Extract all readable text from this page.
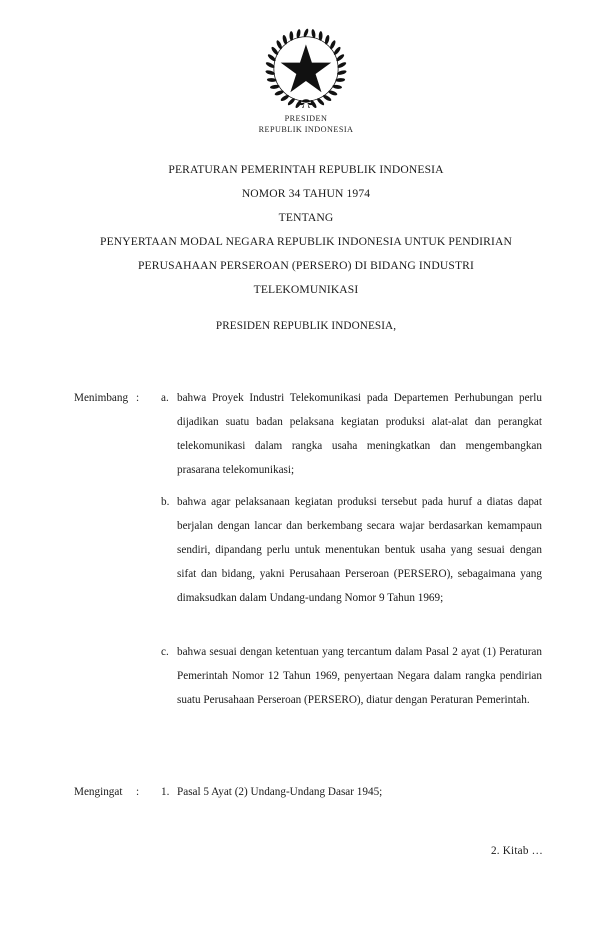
PRESIDEN
REPUBLIK INDONESIA
PERATURAN PEMERINTAH REPUBLIK INDONESIA
NOMOR 34 TAHUN 1974
TENTANG
PENYERTAAN MODAL NEGARA REPUBLIK INDONESIA UNTUK PENDIRIAN
PERUSAHAAN PERSEROAN (PERSERO) DI BIDANG INDUSTRI
TELEKOMUNIKASI
PRESIDEN REPUBLIK INDONESIA,
Menimbang :	a. bahwa Proyek Industri Telekomunikasi pada Departemen Perhubungan perlu dijadikan suatu badan pelaksana kegiatan produksi alat-alat dan perangkat telekomunikasi dalam rangka usaha meningkatkan dan mengembangkan prasarana telekomunikasi;
b. bahwa agar pelaksanaan kegiatan produksi tersebut pada huruf a diatas dapat berjalan dengan lancar dan berkembang secara wajar berdasarkan kemampaun sendiri, dipandang perlu untuk menentukan bentuk usaha yang sesuai dengan sifat dan bidang, yakni Perusahaan Perseroan (PERSERO), sebagaimana yang dimaksudkan dalam Undang-undang Nomor 9 Tahun 1969;
c. bahwa sesuai dengan ketentuan yang tercantum dalam Pasal 2 ayat (1) Peraturan Pemerintah Nomor 12 Tahun 1969, penyertaan Negara dalam rangka pendirian suatu Perusahaan Perseroan (PERSERO), diatur dengan Peraturan Pemerintah.
Mengingat	:	1. Pasal 5 Ayat (2) Undang-Undang Dasar 1945;
2. Kitab …
